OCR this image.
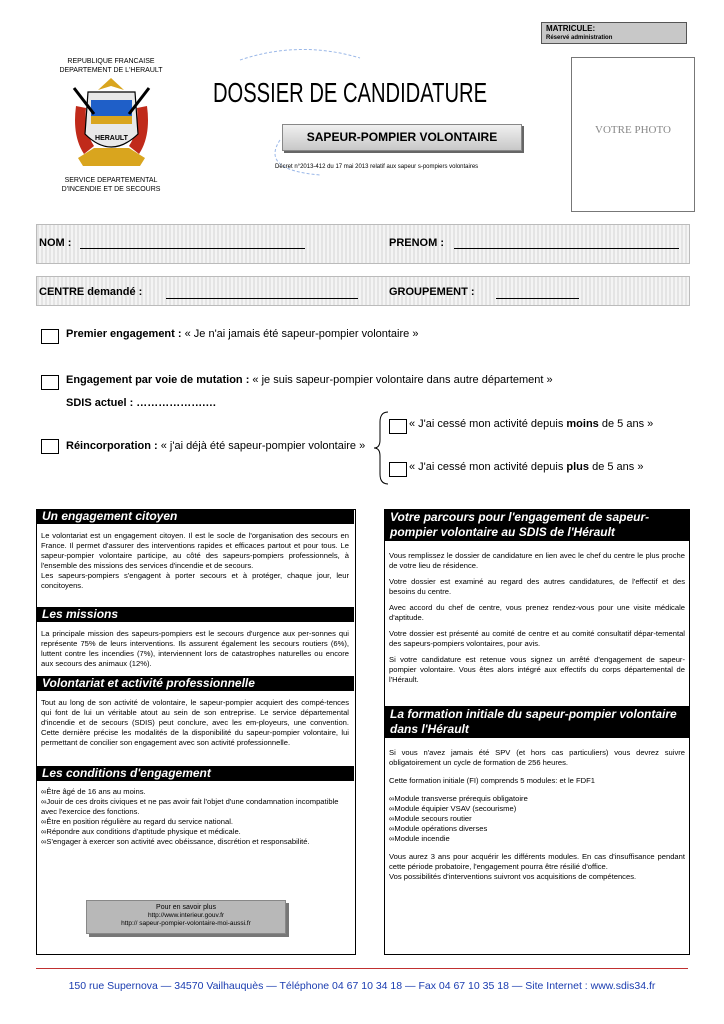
MATRICULE:
Réservé administration
REPUBLIQUE FRANCAISE
DEPARTEMENT DE L'HERAULT
HERAULT
SERVICE DEPARTEMENTAL
D'INCENDIE ET DE SECOURS
DOSSIER DE CANDIDATURE
SAPEUR-POMPIER VOLONTAIRE
Décret n°2013-412 du 17 mai 2013 relatif aux sapeur s-pompiers volontaires
VOTRE PHOTO
NOM :	PRENOM :
CENTRE demandé :	GROUPEMENT :
Premier engagement : « Je n'ai jamais été sapeur-pompier volontaire »
Engagement par voie de mutation : « je suis sapeur-pompier volontaire dans autre département »
SDIS actuel : ……………….…
Réincorporation : « j'ai déjà été sapeur-pompier volontaire »
« J'ai cessé mon activité depuis moins de 5 ans »
« J'ai cessé mon activité depuis plus de 5 ans »
Un engagement citoyen

Le volontariat est un engagement citoyen. Il est le socle de l'organisation des secours en France. Il permet d'assurer des interventions rapides et efficaces partout et pour tous. Le sapeur-pompier volontaire participe, au côté des sapeurs-pompiers professionnels, à l'ensemble des missions des services d'incendie et de secours.

Les sapeurs-pompiers s'engagent à porter secours et à protéger, chaque jour, leur concitoyens.

Les missions
La principale mission des sapeurs-pompiers est le secours d'urgence aux per-sonnes qui représente 75% de leurs interventions. Ils assurent également les secours routiers (6%), luttent contre les incendies (7%), interviennent lors de catastrophes naturelles ou encore aux secours des animaux (12%).
Volontariat et activité professionnelle
Tout au long de son activité de volontaire, le sapeur-pompier acquiert des compé-tences qui font de lui un véritable atout au sein de son entreprise. Le service départemental d'incendie et de secours (SDIS) peut conclure, avec les em-ployeurs, une convention. Cette dernière précise les modalités de la disponibilité du sapeur-pompier volontaire, lui permettant de concilier son engagement avec son activité professionnelle.
Les conditions d'engagement
∞Être âgé de 16 ans au moins.
∞Jouir de ces droits civiques et ne pas avoir fait l'objet d'une condamnation incompatible avec l'exercice des fonctions.
∞Être en position régulière au regard du service national.
∞Répondre aux conditions d'aptitude physique et médicale.
∞S'engager à exercer son activité avec obéissance, discrétion et responsabilité.
Pour en savoir plus
http://www.interieur.gouv.fr
http:// sapeur-pompier-volontaire-moi-aussi.fr
Votre parcours pour l'engagement de sapeur-pompier volontaire au SDIS de l'Hérault

Vous remplissez le dossier de candidature en lien avec le chef du centre le plus proche de votre lieu de résidence.

Votre dossier est examiné au regard des autres candidatures, de l'effectif et des besoins du centre.

Avec accord du chef de centre, vous prenez rendez-vous pour une visite médicale d'aptitude.

Votre dossier est présenté au comité de centre et au comité consultatif dépar-temental des sapeurs-pompiers volontaires, pour avis.

Si votre candidature est retenue vous signez un arrêté d'engagement de sapeur-pompier volontaire. Vous êtes alors intégré aux effectifs du corps départemental de l'Hérault.

La formation initiale du sapeur-pompier volontaire dans l'Hérault

Si vous n'avez jamais été SPV (et hors cas particuliers) vous devrez suivre obligatoirement un cycle de formation de 256 heures.

Cette formation initiale (FI) comprends 5 modules: et le FDF1

∞Module transverse prérequis obligatoire
∞Module équipier VSAV (secourisme)
∞Module secours routier
∞Module opérations diverses
∞Module incendie

Vous aurez 3 ans pour acquérir les différents modules. En cas d'insuffisance pendant cette période probatoire, l'engagement pourra être résilié d'office.

Vos possibilités d'interventions suivront vos acquisitions de compétences.

150 rue Supernova — 34570 Vailhauquès — Téléphone 04 67 10 34 18 — Fax 04 67 10 35 18 — Site Internet : www.sdis34.fr
